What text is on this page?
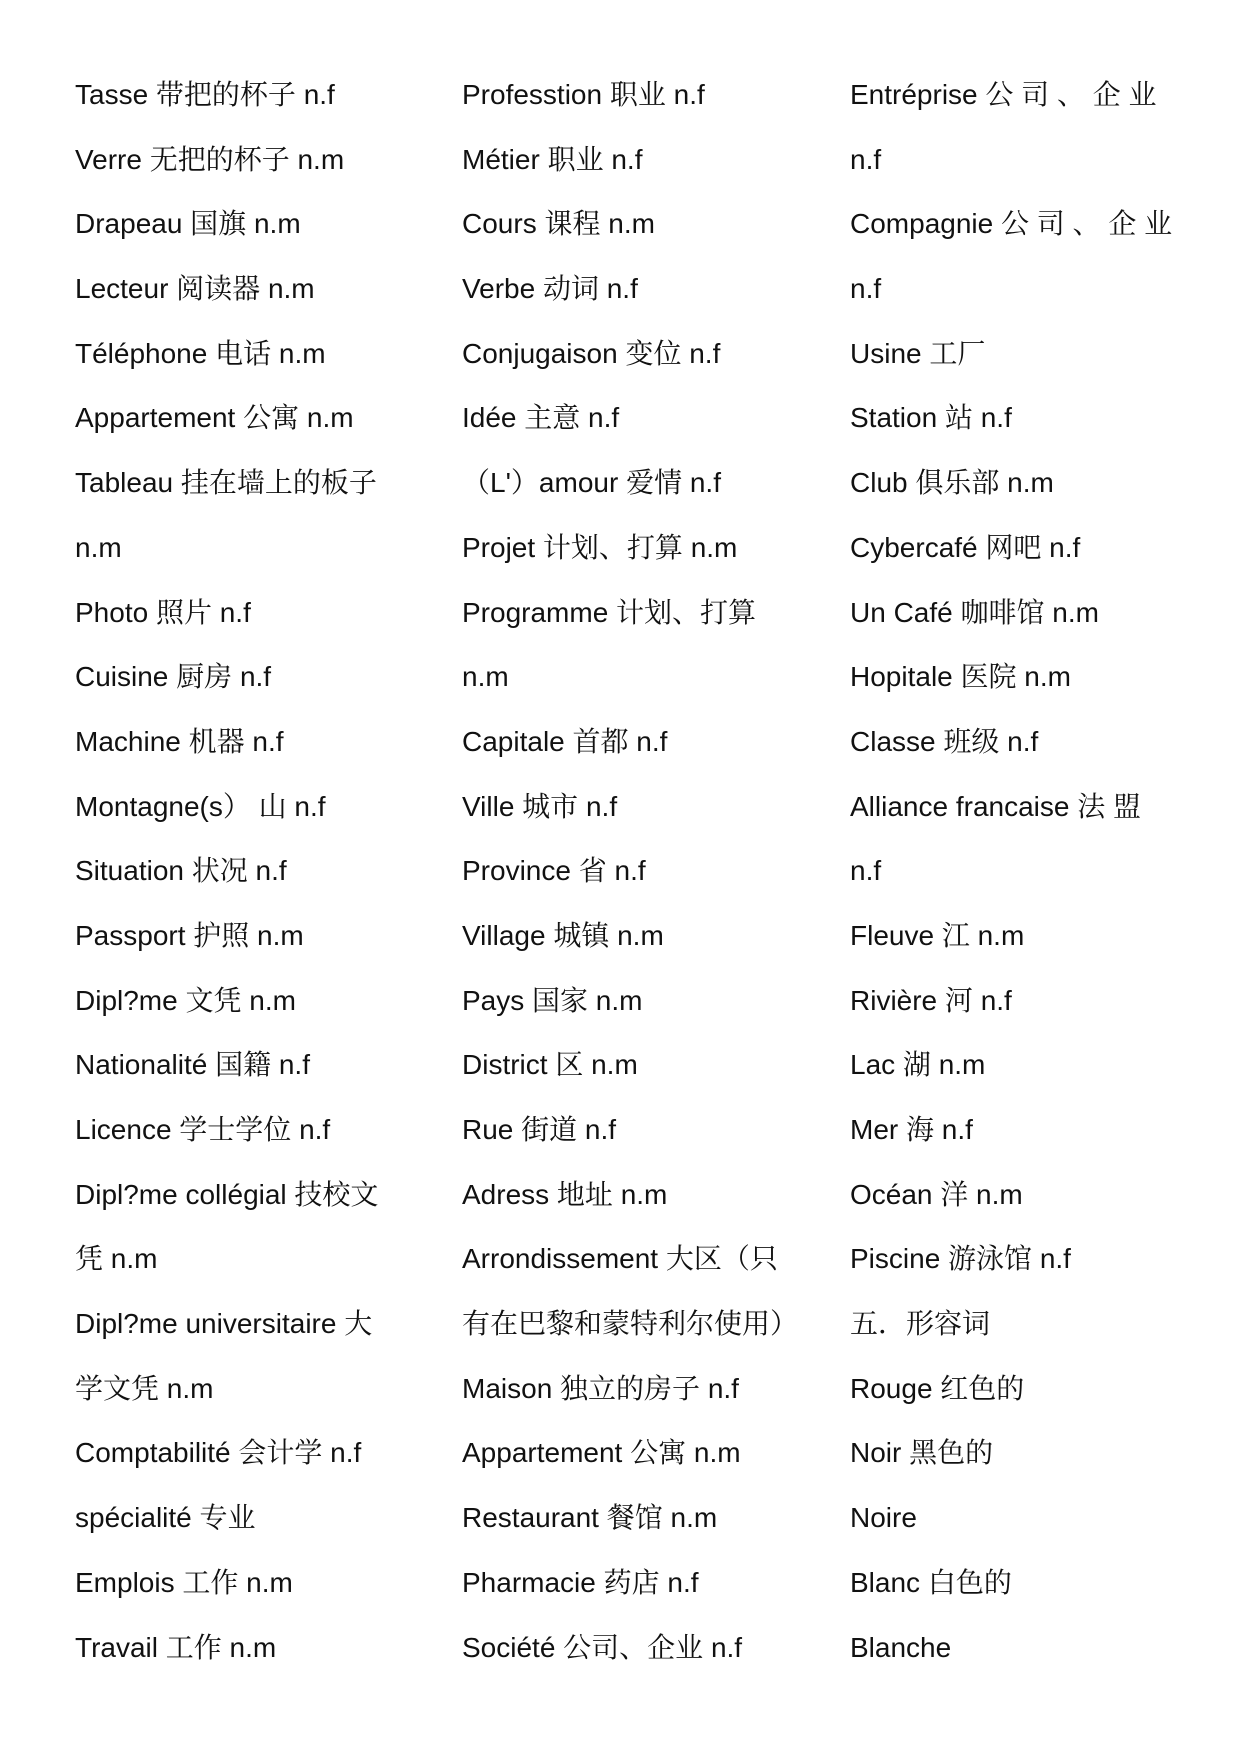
Tasse 带把的杯子 n.f
Verre 无把的杯子 n.m
Drapeau 国旗 n.m
Lecteur 阅读器 n.m
Téléphone 电话 n.m
Appartement 公寓 n.m
Tableau 挂在墙上的板子
n.m
Photo 照片 n.f
Cuisine 厨房 n.f
Machine 机器 n.f
Montagne(s） 山 n.f
Situation 状况 n.f
Passport 护照 n.m
Dipl?me 文凭 n.m
Nationalité 国籍 n.f
Licence 学士学位 n.f
Dipl?me collégial 技校文
凭 n.m
Dipl?me universitaire 大
学文凭 n.m
Comptabilité 会计学 n.f
spécialité 专业
Emplois 工作 n.m
Travail 工作 n.m
Professtion 职业 n.f
Métier 职业 n.f
Cours 课程 n.m
Verbe 动词 n.f
Conjugaison 变位 n.f
Idée 主意 n.f
（L'）amour 爱情 n.f
Projet 计划、打算 n.m
Programme 计划、打算
n.m
Capitale 首都 n.f
Ville 城市 n.f
Province 省 n.f
Village 城镇 n.m
Pays 国家 n.m
District 区 n.m
Rue 街道 n.f
Adress 地址 n.m
Arrondissement 大区（只
有在巴黎和蒙特利尔使用）
Maison 独立的房子 n.f
Appartement 公寓 n.m
Restaurant 餐馆 n.m
Pharmacie 药店 n.f
Société 公司、企业 n.f
Entréprise 公 司 、 企 业
n.f
Compagnie 公 司 、 企 业
n.f
Usine 工厂
Station 站 n.f
Club 俱乐部 n.m
Cybercafé 网吧 n.f
Un Café 咖啡馆 n.m
Hopitale 医院 n.m
Classe 班级 n.f
Alliance francaise 法 盟
n.f
Fleuve 江 n.m
Rivière 河 n.f
Lac 湖 n.m
Mer 海 n.f
Océan 洋 n.m
Piscine 游泳馆 n.f
五．形容词
Rouge 红色的
Noir 黑色的
Noire
Blanc 白色的
Blanche
